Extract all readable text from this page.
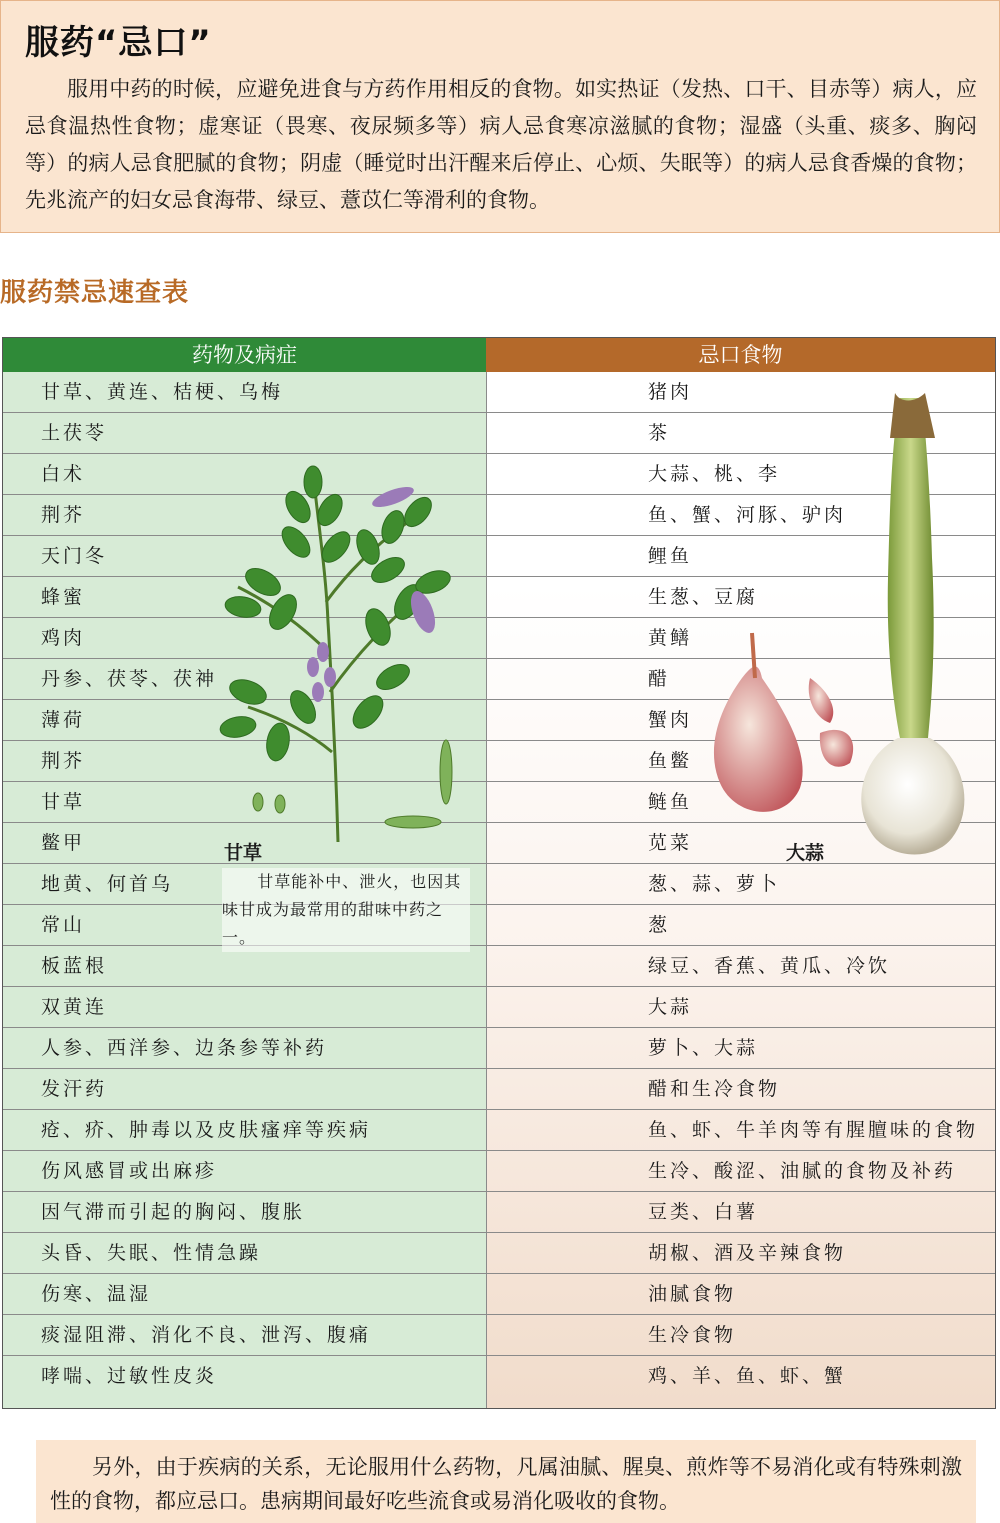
服药“忌口”
服用中药的时候，应避免进食与方药作用相反的食物。如实热证（发热、口干、目赤等）病人，应忌食温热性食物；虚寒证（畏寒、夜尿频多等）病人忌食寒凉滋腻的食物；湿盛（头重、痰多、胸闷等）的病人忌食肥腻的食物；阴虚（睡觉时出汗醒来后停止、心烦、失眠等）的病人忌食香燥的食物；先兆流产的妇女忌食海带、绿豆、薏苡仁等滑利的食物。
服药禁忌速查表
药物及病症	忌口食物
甘草、黄连、桔梗、乌梅	猪肉
土茯苓	茶
白术	大蒜、桃、李
荆芥	鱼、蟹、河豚、驴肉
天门冬	鲤鱼
蜂蜜	生葱、豆腐
鸡肉	黄鳝
丹参、茯苓、茯神	醋
薄荷	蟹肉
荆芥	鱼鳖
甘草	鲢鱼
鳖甲	苋菜
地黄、何首乌	葱、蒜、萝卜
常山	葱
板蓝根	绿豆、香蕉、黄瓜、冷饮
双黄连	大蒜
人参、西洋参、边条参等补药	萝卜、大蒜
发汗药	醋和生冷食物
疮、疥、肿毒以及皮肤瘙痒等疾病	鱼、虾、牛羊肉等有腥膻味的食物
伤风感冒或出麻疹	生冷、酸涩、油腻的食物及补药
因气滞而引起的胸闷、腹胀	豆类、白薯
头昏、失眠、性情急躁	胡椒、酒及辛辣食物
伤寒、温湿	油腻食物
痰湿阻滞、消化不良、泄泻、腹痛	生冷食物
哮喘、过敏性皮炎	鸡、羊、鱼、虾、蟹
甘草
甘草能补中、泄火，也因其味甘成为最常用的甜味中药之一。
大蒜
另外，由于疾病的关系，无论服用什么药物，凡属油腻、腥臭、煎炸等不易消化或有特殊刺激性的食物，都应忌口。患病期间最好吃些流食或易消化吸收的食物。
